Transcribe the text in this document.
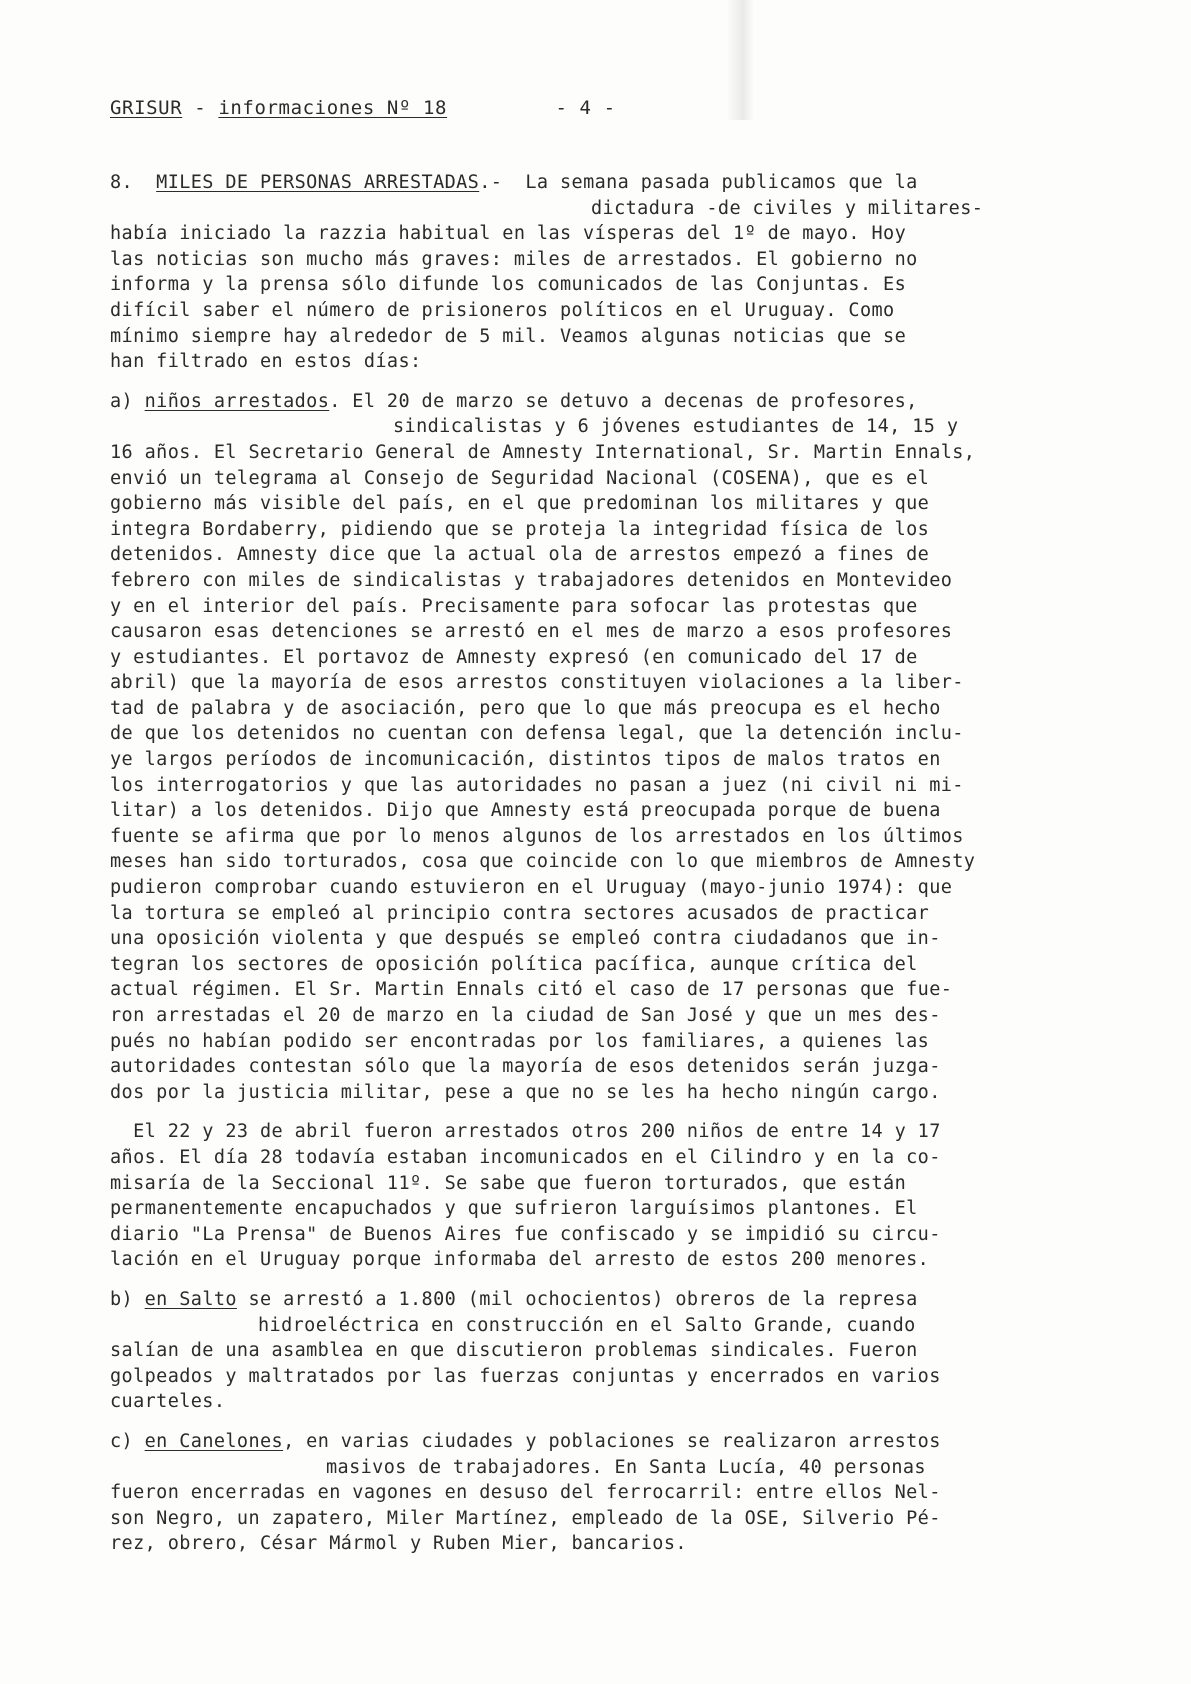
GRISUR - informaciones Nº 18	- 4 -
8. MILES DE PERSONAS ARRESTADAS.- La semana pasada publicamos que la
dictadura -de civiles y militares-
había iniciado la razzia habitual en las vísperas del 1º de mayo. Hoy
las noticias son mucho más graves: miles de arrestados. El gobierno no
informa y la prensa sólo difunde los comunicados de las Conjuntas. Es
difícil saber el número de prisioneros políticos en el Uruguay. Como
mínimo siempre hay alrededor de 5 mil. Veamos algunas noticias que se
han filtrado en estos días:
a) niños arrestados. El 20 de marzo se detuvo a decenas de profesores,
sindicalistas y 6 jóvenes estudiantes de 14, 15 y
16 años. El Secretario General de Amnesty International, Sr. Martin Ennals,
envió un telegrama al Consejo de Seguridad Nacional (COSENA), que es el
gobierno más visible del país, en el que predominan los militares y que
integra Bordaberry, pidiendo que se proteja la integridad física de los
detenidos. Amnesty dice que la actual ola de arrestos empezó a fines de
febrero con miles de sindicalistas y trabajadores detenidos en Montevideo
y en el interior del país. Precisamente para sofocar las protestas que
causaron esas detenciones se arrestó en el mes de marzo a esos profesores
y estudiantes. El portavoz de Amnesty expresó (en comunicado del 17 de
abril) que la mayoría de esos arrestos constituyen violaciones a la liber-
tad de palabra y de asociación, pero que lo que más preocupa es el hecho
de que los detenidos no cuentan con defensa legal, que la detención inclu-
ye largos períodos de incomunicación, distintos tipos de malos tratos en
los interrogatorios y que las autoridades no pasan a juez (ni civil ni mi-
litar) a los detenidos. Dijo que Amnesty está preocupada porque de buena
fuente se afirma que por lo menos algunos de los arrestados en los últimos
meses han sido torturados, cosa que coincide con lo que miembros de Amnesty
pudieron comprobar cuando estuvieron en el Uruguay (mayo-junio 1974): que
la tortura se empleó al principio contra sectores acusados de practicar
una oposición violenta y que después se empleó contra ciudadanos que in-
tegran los sectores de oposición política pacífica, aunque crítica del
actual régimen. El Sr. Martin Ennals citó el caso de 17 personas que fue-
ron arrestadas el 20 de marzo en la ciudad de San José y que un mes des-
pués no habían podido ser encontradas por los familiares, a quienes las
autoridades contestan sólo que la mayoría de esos detenidos serán juzga-
dos por la justicia militar, pese a que no se les ha hecho ningún cargo.
El 22 y 23 de abril fueron arrestados otros 200 niños de entre 14 y 17
años. El día 28 todavía estaban incomunicados en el Cilindro y en la co-
misaría de la Seccional 11º. Se sabe que fueron torturados, que están
permanentemente encapuchados y que sufrieron larguísimos plantones. El
diario "La Prensa" de Buenos Aires fue confiscado y se impidió su circu-
lación en el Uruguay porque informaba del arresto de estos 200 menores.
b) en Salto se arrestó a 1.800 (mil ochocientos) obreros de la represa
hidroeléctrica en construcción en el Salto Grande, cuando
salían de una asamblea en que discutieron problemas sindicales. Fueron
golpeados y maltratados por las fuerzas conjuntas y encerrados en varios
cuarteles.
c) en Canelones, en varias ciudades y poblaciones se realizaron arrestos
masivos de trabajadores. En Santa Lucía, 40 personas
fueron encerradas en vagones en desuso del ferrocarril: entre ellos Nel-
son Negro, un zapatero, Miler Martínez, empleado de la OSE, Silverio Pé-
rez, obrero, César Mármol y Ruben Mier, bancarios.
